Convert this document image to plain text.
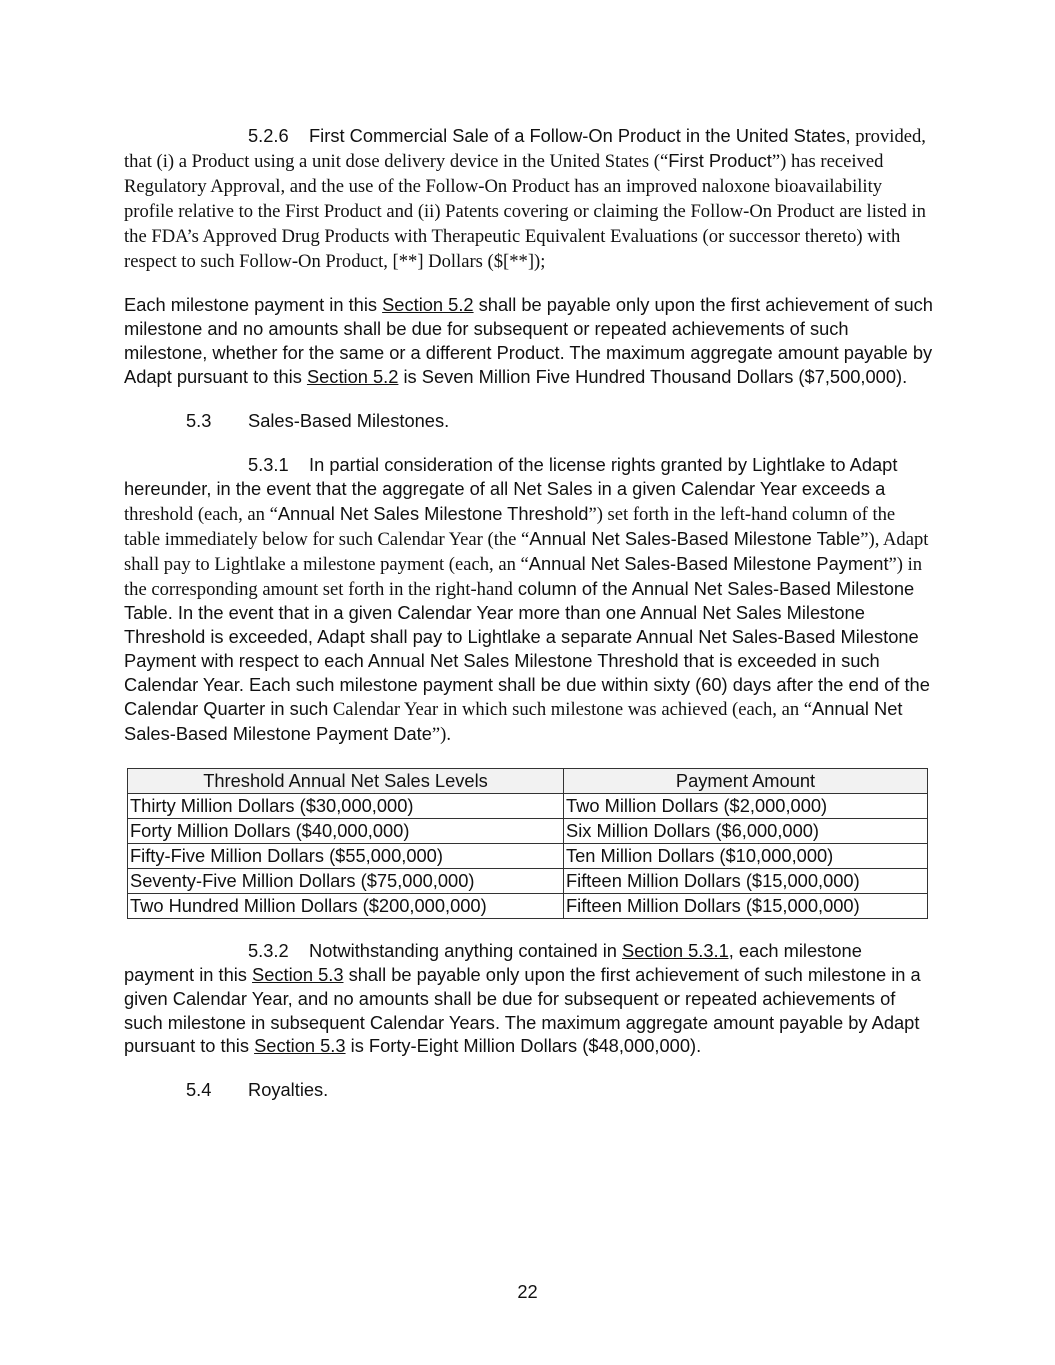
5.2.6 First Commercial Sale of a Follow-On Product in the United States, provided, that (i) a Product using a unit dose delivery device in the United States (“First Product”) has received Regulatory Approval, and the use of the Follow-On Product has an improved naloxone bioavailability profile relative to the First Product and (ii) Patents covering or claiming the Follow-On Product are listed in the FDA’s Approved Drug Products with Therapeutic Equivalent Evaluations (or successor thereto) with respect to such Follow-On Product, [**] Dollars ($[**]);

Each milestone payment in this Section 5.2 shall be payable only upon the first achievement of such milestone and no amounts shall be due for subsequent or repeated achievements of such milestone, whether for the same or a different Product. The maximum aggregate amount payable by Adapt pursuant to this Section 5.2 is Seven Million Five Hundred Thousand Dollars ($7,500,000).

5.3 Sales-Based Milestones.

5.3.1 In partial consideration of the license rights granted by Lightlake to Adapt hereunder, in the event that the aggregate of all Net Sales in a given Calendar Year exceeds a threshold (each, an “Annual Net Sales Milestone Threshold”) set forth in the left-hand column of the table immediately below for such Calendar Year (the “Annual Net Sales-Based Milestone Table”), Adapt shall pay to Lightlake a milestone payment (each, an “Annual Net Sales-Based Milestone Payment”) in the corresponding amount set forth in the right-hand column of the Annual Net Sales-Based Milestone Table. In the event that in a given Calendar Year more than one Annual Net Sales Milestone Threshold is exceeded, Adapt shall pay to Lightlake a separate Annual Net Sales-Based Milestone Payment with respect to each Annual Net Sales Milestone Threshold that is exceeded in such Calendar Year. Each such milestone payment shall be due within sixty (60) days after the end of the Calendar Quarter in such Calendar Year in which such milestone was achieved (each, an “Annual Net Sales-Based Milestone Payment Date”).

Threshold Annual Net Sales Levels	Payment Amount
Thirty Million Dollars ($30,000,000)	Two Million Dollars ($2,000,000)
Forty Million Dollars ($40,000,000)	Six Million Dollars ($6,000,000)
Fifty-Five Million Dollars ($55,000,000)	Ten Million Dollars ($10,000,000)
Seventy-Five Million Dollars ($75,000,000)	Fifteen Million Dollars ($15,000,000)
Two Hundred Million Dollars ($200,000,000)	Fifteen Million Dollars ($15,000,000)

5.3.2 Notwithstanding anything contained in Section 5.3.1, each milestone payment in this Section 5.3 shall be payable only upon the first achievement of such milestone in a given Calendar Year, and no amounts shall be due for subsequent or repeated achievements of such milestone in subsequent Calendar Years. The maximum aggregate amount payable by Adapt pursuant to this Section 5.3 is Forty-Eight Million Dollars ($48,000,000).

5.4 Royalties.

22
